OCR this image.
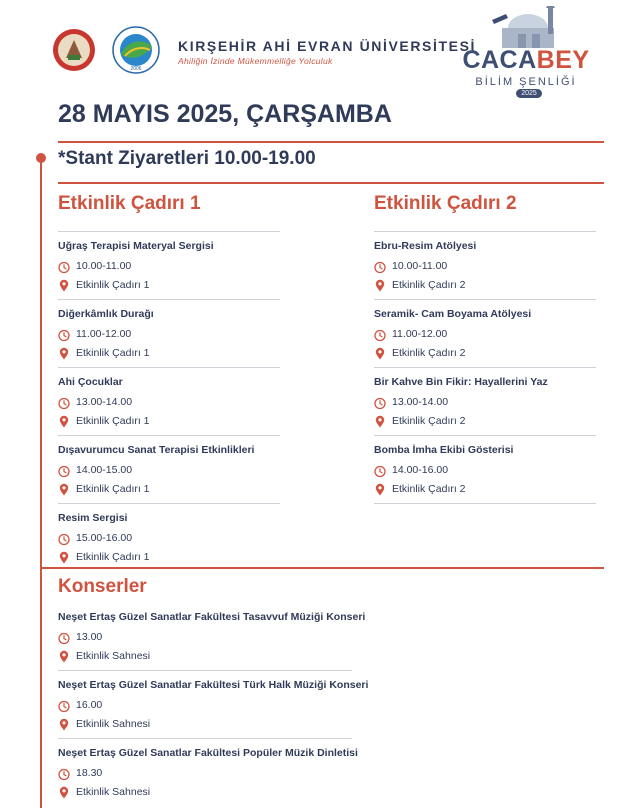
2006
KIRŞEHİR AHİ EVRAN ÜNİVERSİTESİ
Ahiliğin İzinde Mükemmelliğe Yolculuk	CACABEY
BİLİM ŞENLİĞİ
2025
28 MAYIS 2025, ÇARŞAMBA
*Stant Ziyaretleri 10.00-19.00
Etkinlik Çadırı 1	Etkinlik Çadırı 2
Uğraş Terapisi Materyal Sergisi
10.00-11.00
Etkinlik Çadırı 1
Diğerkâmlık Durağı
11.00-12.00
Etkinlik Çadırı 1
Ahi Çocuklar
13.00-14.00
Etkinlik Çadırı 1
Dışavurumcu Sanat Terapisi Etkinlikleri
14.00-15.00
Etkinlik Çadırı 1
Resim Sergisi
15.00-16.00
Etkinlik Çadırı 1
Ebru-Resim Atölyesi
10.00-11.00
Etkinlik Çadırı 2
Seramik- Cam Boyama Atölyesi
11.00-12.00
Etkinlik Çadırı 2
Bir Kahve Bin Fikir: Hayallerini Yaz
13.00-14.00
Etkinlik Çadırı 2
Bomba İmha Ekibi Gösterisi
14.00-16.00
Etkinlik Çadırı 2
Konserler
Neşet Ertaş Güzel Sanatlar Fakültesi Tasavvuf Müziği Konseri
13.00
Etkinlik Sahnesi
Neşet Ertaş Güzel Sanatlar Fakültesi Türk Halk Müziği Konseri
16.00
Etkinlik Sahnesi
Neşet Ertaş Güzel Sanatlar Fakültesi Popüler Müzik Dinletisi
18.30
Etkinlik Sahnesi
